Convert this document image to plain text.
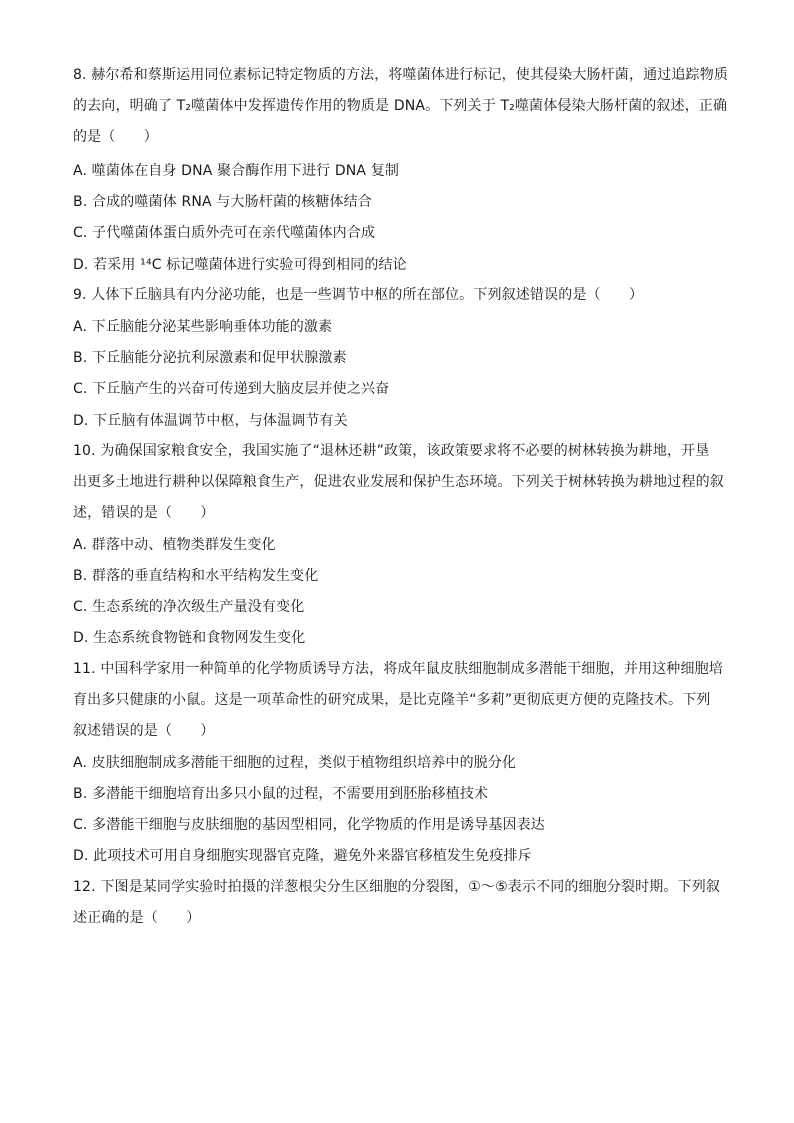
8. 赫尔希和蔡斯运用同位素标记特定物质的方法，将噬菌体进行标记，使其侵染大肠杆菌，通过追踪物质
的去向，明确了 T₂噬菌体中发挥遗传作用的物质是 DNA。下列关于 T₂噬菌体侵染大肠杆菌的叙述，正确
的是（　　）
A. 噬菌体在自身 DNA 聚合酶作用下进行 DNA 复制
B. 合成的噬菌体 RNA 与大肠杆菌的核糖体结合
C. 子代噬菌体蛋白质外壳可在亲代噬菌体内合成
D. 若采用 ¹⁴C 标记噬菌体进行实验可得到相同的结论
9. 人体下丘脑具有内分泌功能，也是一些调节中枢的所在部位。下列叙述错误的是（　　）
A. 下丘脑能分泌某些影响垂体功能的激素
B. 下丘脑能分泌抗利尿激素和促甲状腺激素
C. 下丘脑产生的兴奋可传递到大脑皮层并使之兴奋
D. 下丘脑有体温调节中枢，与体温调节有关
10. 为确保国家粮食安全，我国实施了“退林还耕”政策，该政策要求将不必要的树林转换为耕地，开垦
出更多土地进行耕种以保障粮食生产，促进农业发展和保护生态环境。下列关于树林转换为耕地过程的叙
述，错误的是（　　）
A. 群落中动、植物类群发生变化
B. 群落的垂直结构和水平结构发生变化
C. 生态系统的净次级生产量没有变化
D. 生态系统食物链和食物网发生变化
11. 中国科学家用一种简单的化学物质诱导方法，将成年鼠皮肤细胞制成多潜能干细胞，并用这种细胞培
育出多只健康的小鼠。这是一项革命性的研究成果，是比克隆羊“多莉”更彻底更方便的克隆技术。下列
叙述错误的是（　　）
A. 皮肤细胞制成多潜能干细胞的过程，类似于植物组织培养中的脱分化
B. 多潜能干细胞培育出多只小鼠的过程，不需要用到胚胎移植技术
C. 多潜能干细胞与皮肤细胞的基因型相同，化学物质的作用是诱导基因表达
D. 此项技术可用自身细胞实现器官克隆，避免外来器官移植发生免疫排斥
12. 下图是某同学实验时拍摄的洋葱根尖分生区细胞的分裂图，①～⑤表示不同的细胞分裂时期。下列叙
述正确的是（　　）
